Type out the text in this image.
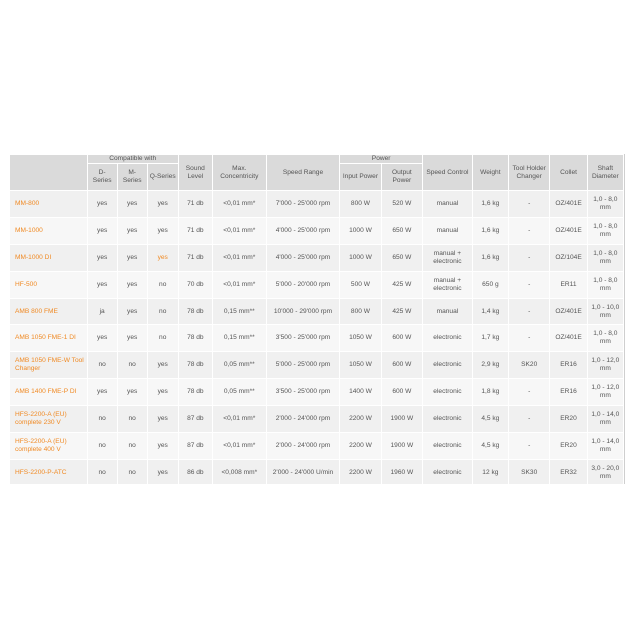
	Compatible with			Sound Level	Max. Concentricity	Speed Range	Power		Speed Control	Weight	Tool Holder Changer	Collet	Shaft Diameter
	D-Series	M-Series	Q-Series				Input Power	Output Power					
MM-800	yes	yes	yes	71 db	<0,01 mm*	7'000 - 25'000 rpm	800 W	520 W	manual	1,6 kg	-	OZ/401E	1,0 - 8,0 mm
MM-1000	yes	yes	yes	71 db	<0,01 mm*	4'000 - 25'000 rpm	1000 W	650 W	manual	1,6 kg	-	OZ/401E	1,0 - 8,0 mm
MM-1000 DI	yes	yes	yes	71 db	<0,01 mm*	4'000 - 25'000 rpm	1000 W	650 W	manual + electronic	1,6 kg	-	OZ/104E	1,0 - 8,0 mm
HF-500	yes	yes	no	70 db	<0,01 mm*	5'000 - 20'000 rpm	500 W	425 W	manual + electronic	650 g	-	ER11	1,0 - 8,0 mm
AMB 800 FME	ja	yes	no	78 db	0,15 mm**	10'000 - 29'000 rpm	800 W	425 W	manual	1,4 kg	-	OZ/401E	1,0 - 10,0 mm
AMB 1050 FME-1 DI	yes	yes	no	78 db	0,15 mm**	3'500 - 25'000 rpm	1050 W	600 W	electronic	1,7 kg	-	OZ/401E	1,0 - 8,0 mm
AMB 1050 FME-W Tool Changer	no	no	yes	78 db	0,05 mm**	5'000 - 25'000 rpm	1050 W	600 W	electronic	2,9 kg	SK20	ER16	1,0 - 12,0 mm
AMB 1400 FME-P DI	yes	yes	yes	78 db	0,05 mm**	3'500 - 25'000 rpm	1400 W	600 W	electronic	1,8 kg	-	ER16	1,0 - 12,0 mm
HFS-2200-A (EU) complete 230 V	no	no	yes	87 db	<0,01 mm*	2'000 - 24'000 rpm	2200 W	1900 W	electronic	4,5 kg	-	ER20	1,0 - 14,0 mm
HFS-2200-A (EU) complete 400 V	no	no	yes	87 db	<0,01 mm*	2'000 - 24'000 rpm	2200 W	1900 W	electronic	4,5 kg	-	ER20	1,0 - 14,0 mm
HFS-2200-P-ATC	no	no	yes	86 db	<0,008 mm*	2'000 - 24'000 U/min	2200 W	1960 W	electronic	12 kg	SK30	ER32	3,0 - 20,0 mm
